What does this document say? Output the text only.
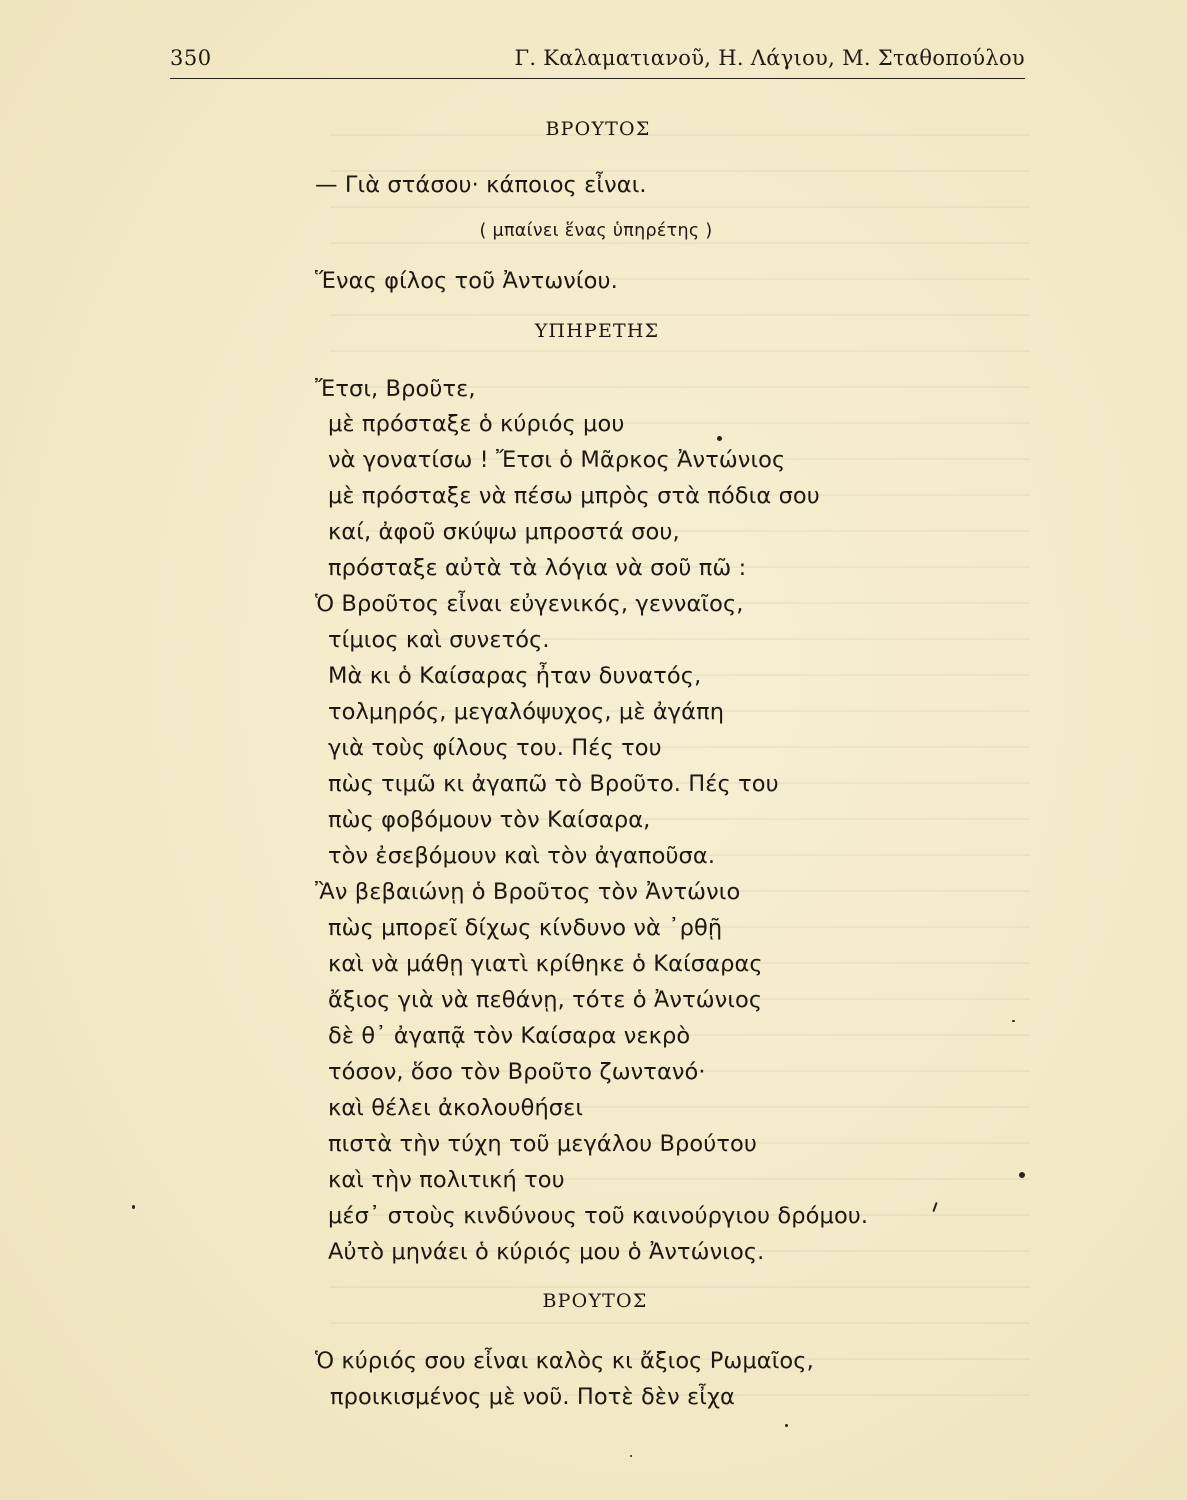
350	Γ. Καλαματιανοῦ, Η. Λάγιου, Μ. Σταθοπούλου
ΒΡΟΥΤΟΣ
— Γιὰ στάσου· κάποιος εἶναι.
( μπαίνει ἕνας ὑπηρέτης )
Ἕνας φίλος τοῦ Ἀντωνίου.
ΥΠΗΡΕΤΗΣ
Ἔτσι, Βροῦτε,
μὲ πρόσταξε ὁ κύριός μου
νὰ γονατίσω ! Ἔτσι ὁ Μᾶρκος Ἀντώνιος
μὲ πρόσταξε νὰ πέσω μπρὸς στὰ πόδια σου
καί, ἀφοῦ σκύψω μπροστά σου,
πρόσταξε αὐτὰ τὰ λόγια νὰ σοῦ πῶ :
Ὁ Βροῦτος εἶναι εὐγενικός, γενναῖος,
τίμιος καὶ συνετός.
Μὰ κι ὁ Καίσαρας ἦταν δυνατός,
τολμηρός, μεγαλόψυχος, μὲ ἀγάπη
γιὰ τοὺς φίλους του. Πές του
πὼς τιμῶ κι ἀγαπῶ τὸ Βροῦτο. Πές του
πὼς φοβόμουν τὸν Καίσαρα,
τὸν ἐσεβόμουν καὶ τὸν ἀγαποῦσα.
Ἂν βεβαιώνῃ ὁ Βροῦτος τὸν Ἀντώνιο
πὼς μπορεῖ δίχως κίνδυνο νὰ ᾿ρθῇ
καὶ νὰ μάθῃ γιατὶ κρίθηκε ὁ Καίσαρας
ἄξιος γιὰ νὰ πεθάνῃ, τότε ὁ Ἀντώνιος
δὲ θ᾿ ἀγαπᾷ τὸν Καίσαρα νεκρὸ
τόσον, ὅσο τὸν Βροῦτο ζωντανό·
καὶ θέλει ἀκολουθήσει
πιστὰ τὴν τύχη τοῦ μεγάλου Βρούτου
καὶ τὴν πολιτική του
μέσ᾿ στοὺς κινδύνους τοῦ καινούργιου δρόμου.
Αὐτὸ μηνάει ὁ κύριός μου ὁ Ἀντώνιος.
ΒΡΟΥΤΟΣ
Ὁ κύριός σου εἶναι καλὸς κι ἄξιος Ρωμαῖος,
προικισμένος μὲ νοῦ. Ποτὲ δὲν εἶχα
